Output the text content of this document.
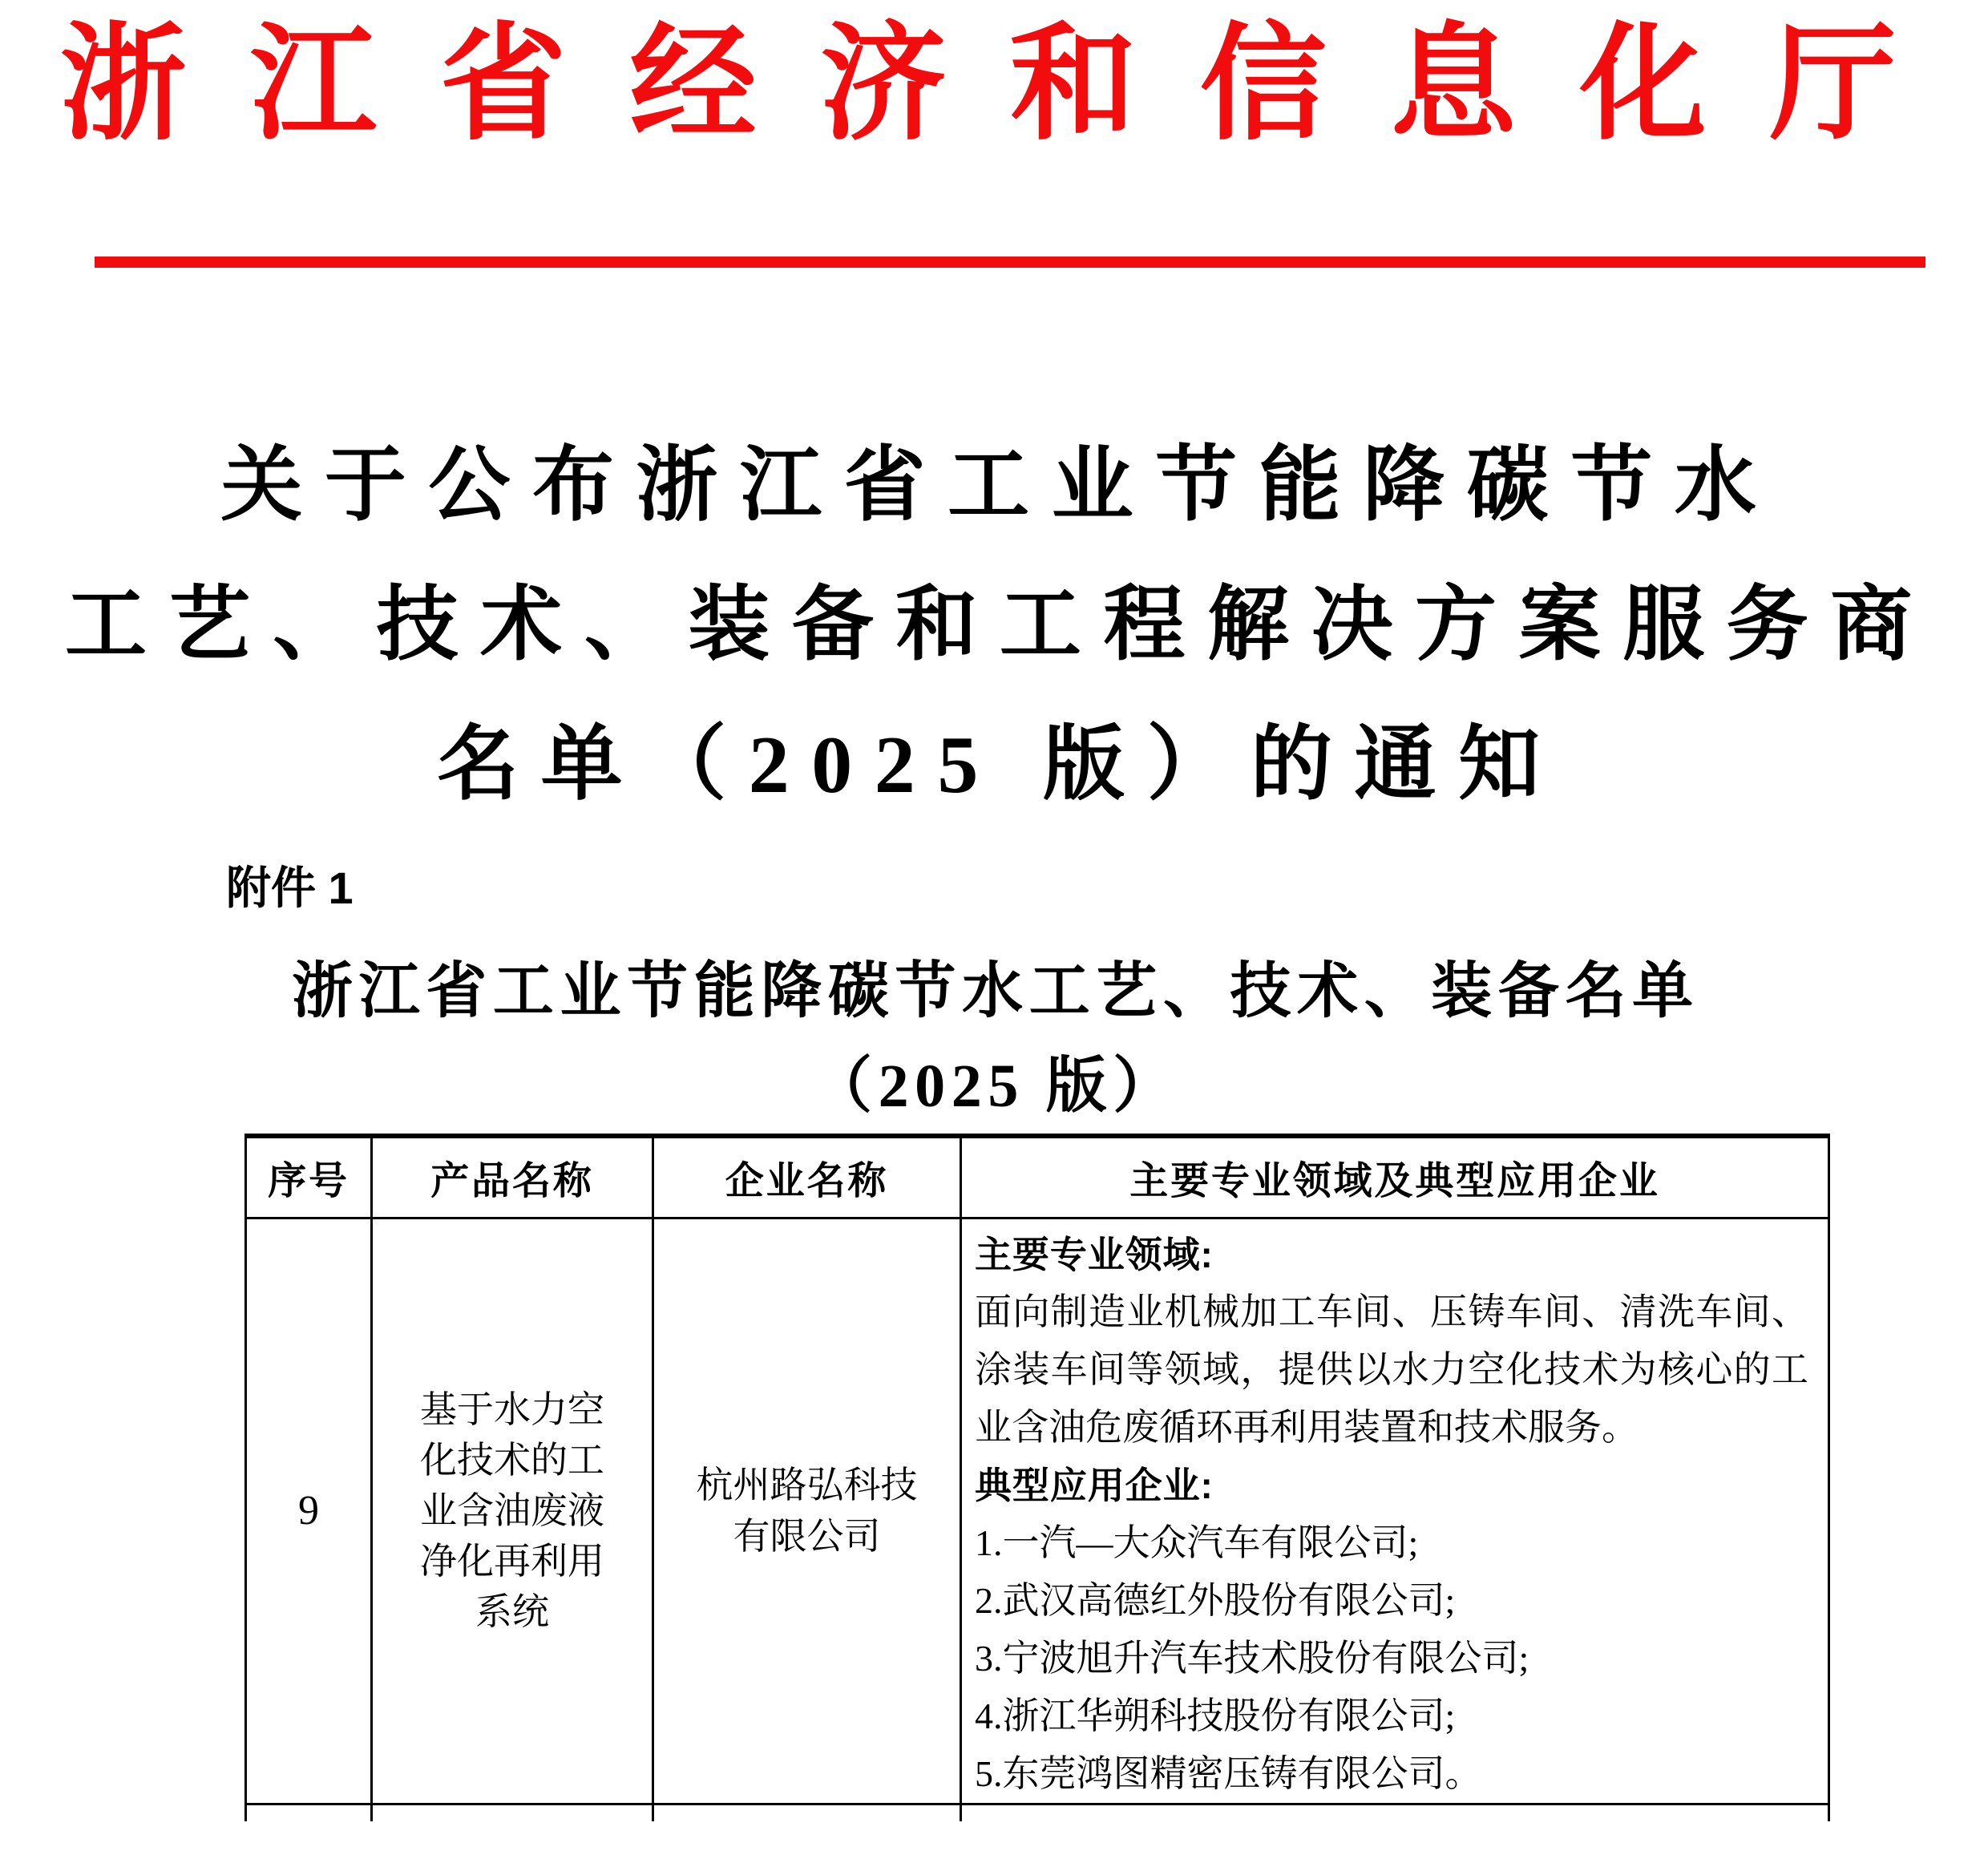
浙江省经济和信息化厅
关于公布浙江省工业节能降碳节水
工艺、技术、装备和工程解决方案服务商
名单（2025 版）的通知
附件 1
浙江省工业节能降碳节水工艺、技术、装备名单
（2025 版）
序号	产品名称	企业名称	主要专业领域及典型应用企业
9	基于水力空化技术的工业含油废液净化再利用系统	杭州路弘科技有限公司	
主要专业领域:
面向制造业机械加工车间、压铸车间、清洗车间、涂装车间等领域，提供以水力空化技术为核心的工业含油危废循环再利用装置和技术服务。
典型应用企业:
1.一汽—大众汽车有限公司;
2.武汉高德红外股份有限公司;
3.宁波旭升汽车技术股份有限公司;
4.浙江华朔科技股份有限公司;
5.东莞鸿图精密压铸有限公司。
